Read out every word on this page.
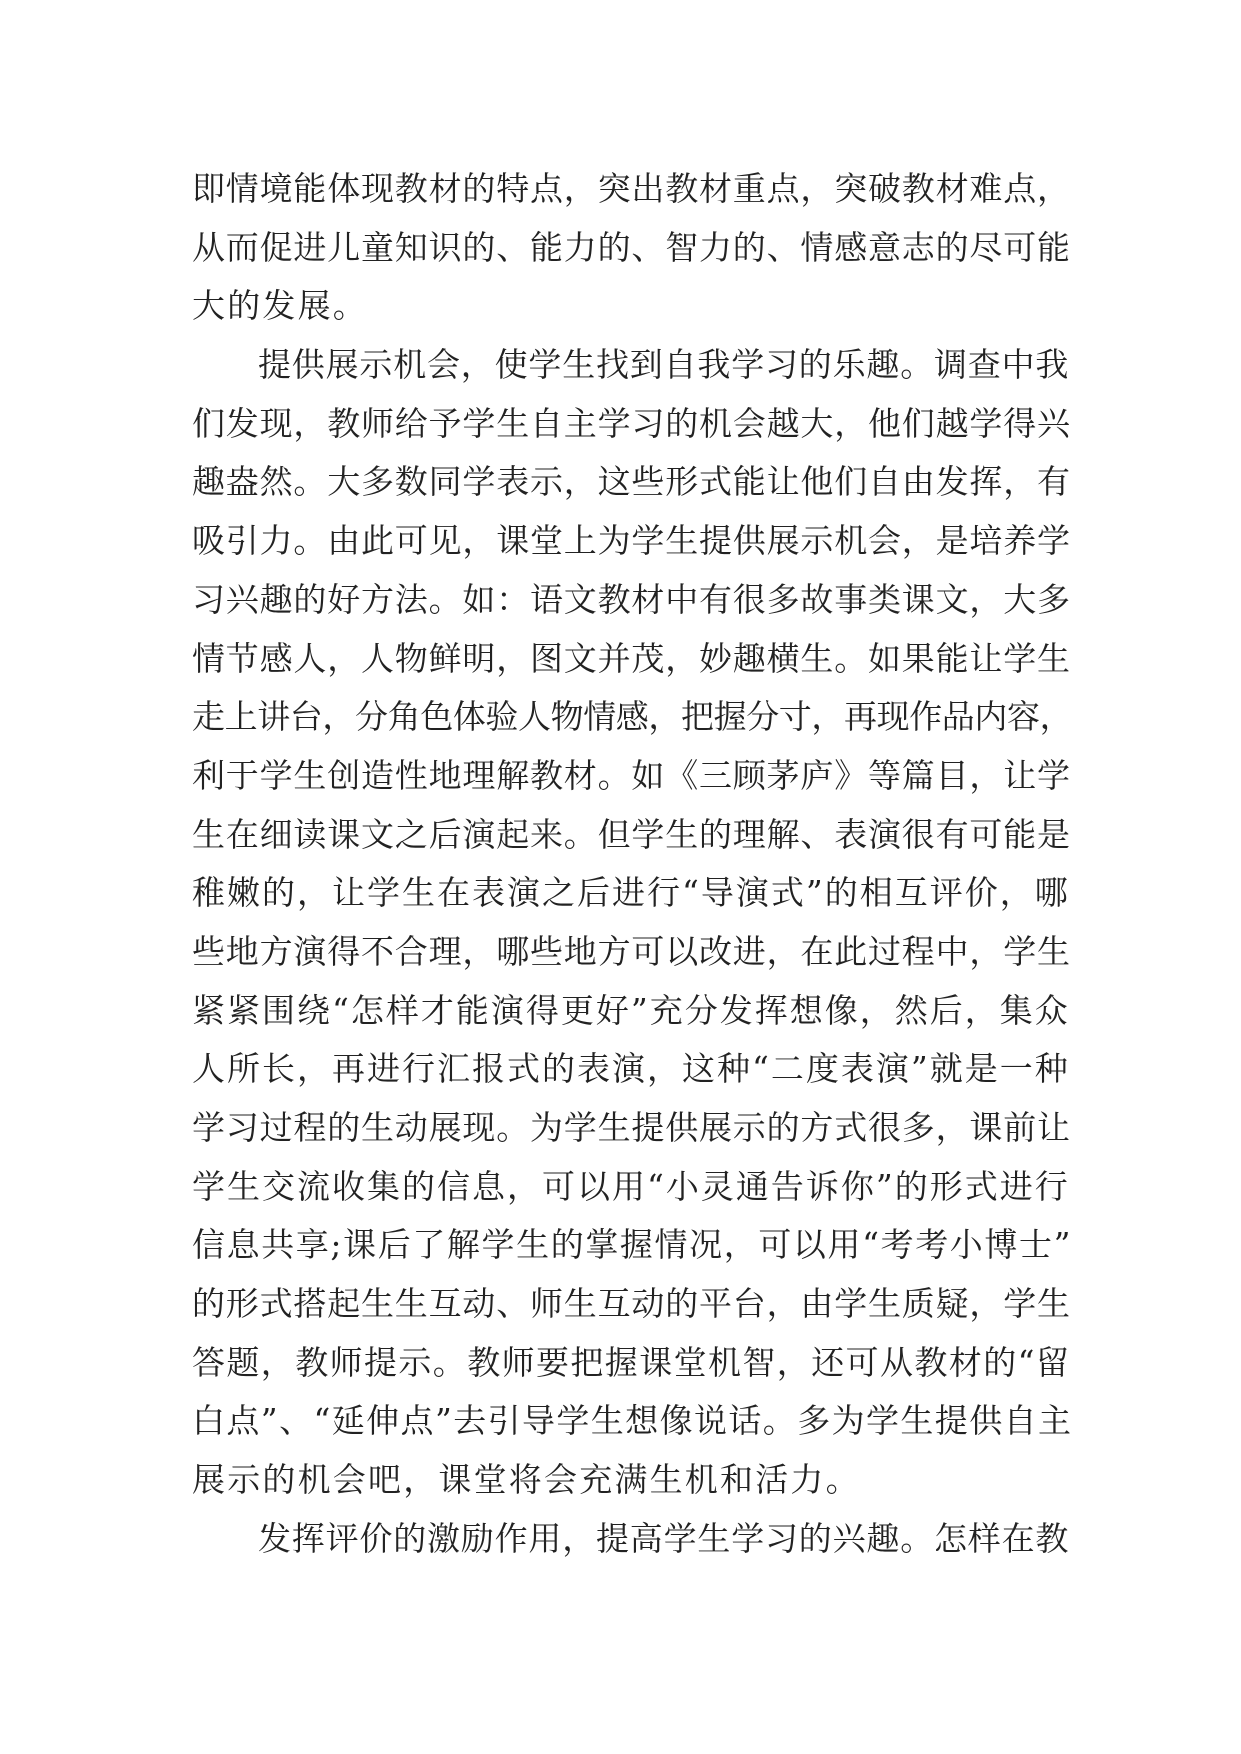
即情境能体现教材的特点，突出教材重点，突破教材难点，
从而促进儿童知识的、能力的、智力的、情感意志的尽可能
大的发展。
提供展示机会，使学生找到自我学习的乐趣。调查中我
们发现，教师给予学生自主学习的机会越大，他们越学得兴
趣盎然。大多数同学表示，这些形式能让他们自由发挥，有
吸引力。由此可见，课堂上为学生提供展示机会，是培养学
习兴趣的好方法。如：语文教材中有很多故事类课文，大多
情节感人，人物鲜明，图文并茂，妙趣横生。如果能让学生
走上讲台，分角色体验人物情感，把握分寸，再现作品内容，
利于学生创造性地理解教材。如《三顾茅庐》等篇目，让学
生在细读课文之后演起来。但学生的理解、表演很有可能是
稚嫩的，让学生在表演之后进行“导演式”的相互评价，哪
些地方演得不合理，哪些地方可以改进，在此过程中，学生
紧紧围绕“怎样才能演得更好”充分发挥想像，然后，集众
人所长，再进行汇报式的表演，这种“二度表演”就是一种
学习过程的生动展现。为学生提供展示的方式很多，课前让
学生交流收集的信息，可以用“小灵通告诉你”的形式进行
信息共享;课后了解学生的掌握情况，可以用“考考小博士”
的形式搭起生生互动、师生互动的平台，由学生质疑，学生
答题，教师提示。教师要把握课堂机智，还可从教材的“留
白点”、“延伸点”去引导学生想像说话。多为学生提供自主
展示的机会吧，课堂将会充满生机和活力。
发挥评价的激励作用，提高学生学习的兴趣。怎样在教
